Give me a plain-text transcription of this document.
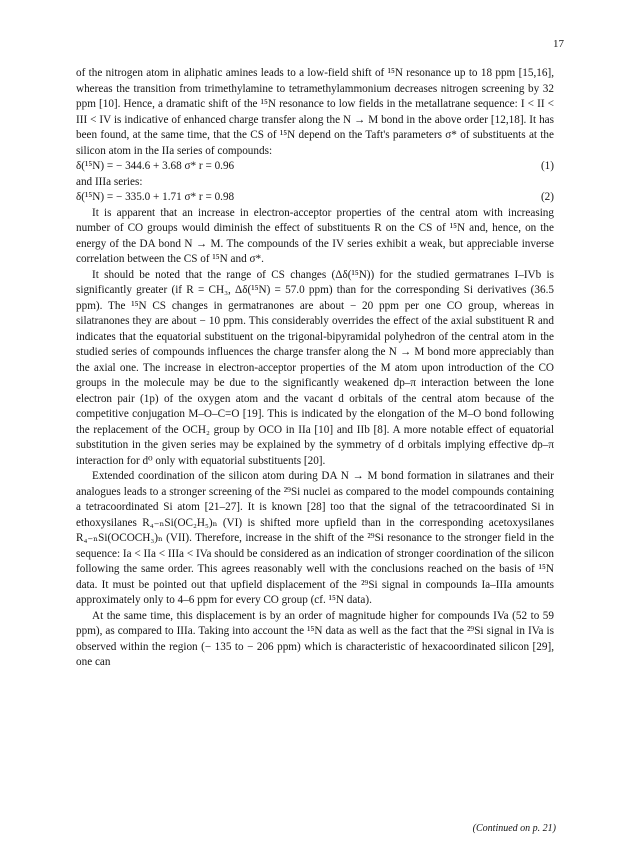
17

of the nitrogen atom in aliphatic amines leads to a low-field shift of ¹⁵N resonance up to 18 ppm [15,16], whereas the transition from trimethylamine to tetramethylammonium decreases nitrogen screening by 32 ppm [10]. Hence, a dramatic shift of the ¹⁵N resonance to low fields in the metallatrane sequence: I < II < III < IV is indicative of enhanced charge transfer along the N → M bond in the above order [12,18]. It has been found, at the same time, that the CS of ¹⁵N depend on the Taft's parameters σ* of substituents at the silicon atom in the IIa series of compounds:

δ(¹⁵N) = − 344.6 + 3.68 σ* r = 0.96	(1)

and IIIa series:

δ(¹⁵N) = − 335.0 + 1.71 σ* r = 0.98	(2)

It is apparent that an increase in electron-acceptor properties of the central atom with increasing number of CO groups would diminish the effect of substituents R on the CS of ¹⁵N and, hence, on the energy of the DA bond N → M. The compounds of the IV series exhibit a weak, but appreciable inverse correlation between the CS of ¹⁵N and σ*.

It should be noted that the range of CS changes (Δδ(¹⁵N)) for the studied germatranes I–IVb is significantly greater (if R = CH₃, Δδ(¹⁵N) = 57.0 ppm) than for the corresponding Si derivatives (36.5 ppm). The ¹⁵N CS changes in germatranones are about − 20 ppm per one CO group, whereas in silatranones they are about − 10 ppm. This considerably overrides the effect of the axial substituent R and indicates that the equatorial substituent on the trigonal-bipyramidal polyhedron of the central atom in the studied series of compounds influences the charge transfer along the N → M bond more appreciably than the axial one. The increase in electron-acceptor properties of the M atom upon introduction of the CO groups in the molecule may be due to the significantly weakened dp–π interaction between the lone electron pair (1p) of the oxygen atom and the vacant d orbitals of the central atom because of the competitive conjugation M–O–C=O [19]. This is indicated by the elongation of the M–O bond following the replacement of the OCH₂ group by OCO in IIa [10] and IIb [8]. A more notable effect of equatorial substitution in the given series may be explained by the symmetry of d orbitals implying effective dp–π interaction for d⁰ only with equatorial substituents [20].

Extended coordination of the silicon atom during DA N → M bond formation in silatranes and their analogues leads to a stronger screening of the ²⁹Si nuclei as compared to the model compounds containing a tetracoordinated Si atom [21–27]. It is known [28] too that the signal of the tetracoordinated Si in ethoxysilanes R₄₋ₙSi(OC₂H₅)ₙ (VI) is shifted more upfield than in the corresponding acetoxysilanes R₄₋ₙSi(OCOCH₃)ₙ (VII). Therefore, increase in the shift of the ²⁹Si resonance to the stronger field in the sequence: Ia < IIa < IIIa < IVa should be considered as an indication of stronger coordination of the silicon following the same order. This agrees reasonably well with the conclusions reached on the basis of ¹⁵N data. It must be pointed out that upfield displacement of the ²⁹Si signal in compounds Ia–IIIa amounts approximately only to 4–6 ppm for every CO group (cf. ¹⁵N data).

At the same time, this displacement is by an order of magnitude higher for compounds IVa (52 to 59 ppm), as compared to IIIa. Taking into account the ¹⁵N data as well as the fact that the ²⁹Si signal in IVa is observed within the region (− 135 to − 206 ppm) which is characteristic of hexacoordinated silicon [29], one can

(Continued on p. 21)
